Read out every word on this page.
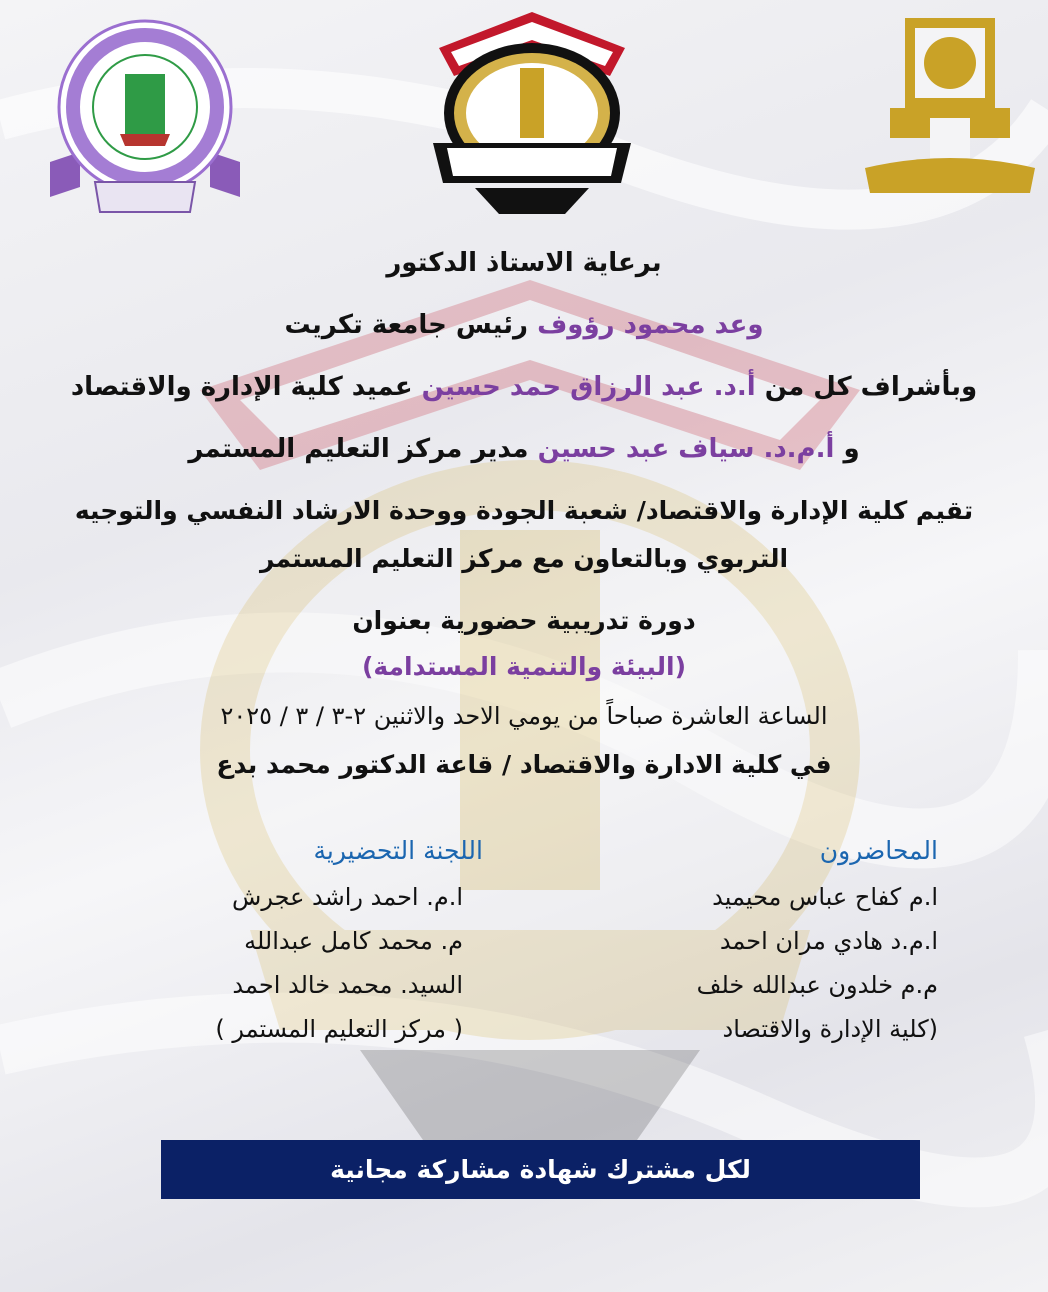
برعاية الاستاذ الدكتور
وعد محمود رؤوف رئيس جامعة تكريت
وبأشراف كل من أ.د. عبد الرزاق حمد حسين عميد كلية الإدارة والاقتصاد
و أ.م.د. سياف عبد حسين مدير مركز التعليم المستمر
تقيم كلية الإدارة والاقتصاد/ شعبة الجودة ووحدة الارشاد النفسي والتوجيه
التربوي وبالتعاون مع مركز التعليم المستمر
دورة تدريبية حضورية بعنوان
(البيئة والتنمية المستدامة)
الساعة العاشرة صباحاً من يومي الاحد والاثنين ٢-٣ / ٣ / ٢٠٢٥
في كلية الادارة والاقتصاد / قاعة الدكتور محمد بدع
المحاضرون
ا.م كفاح عباس محيميد
ا.م.د هادي مران احمد
م.م خلدون عبدالله خلف
(كلية الإدارة والاقتصاد
اللجنة التحضيرية
ا.م. احمد راشد عجرش
م. محمد كامل عبدالله
السيد. محمد خالد احمد
( مركز التعليم المستمر )
لكل مشترك شهادة مشاركة مجانية
